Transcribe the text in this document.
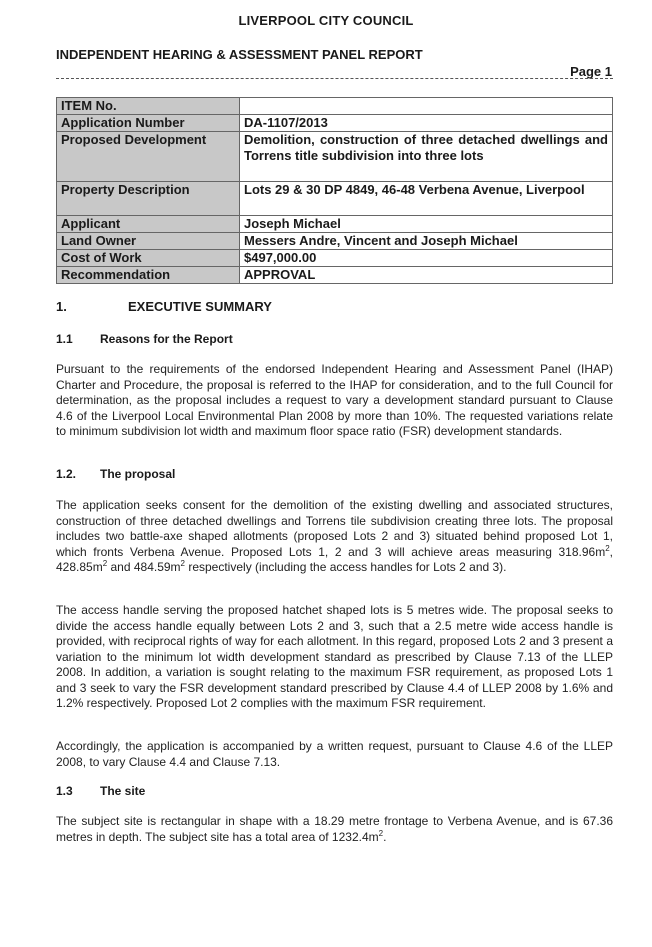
LIVERPOOL CITY COUNCIL
INDEPENDENT HEARING & ASSESSMENT PANEL REPORT
Page 1
ITEM No.	
Application Number	DA-1107/2013
Proposed Development	Demolition, construction of three detached dwellings and Torrens title subdivision into three lots
Property Description	Lots 29 & 30 DP 4849, 46-48 Verbena Avenue, Liverpool
Applicant	Joseph Michael
Land Owner	Messers Andre, Vincent and Joseph Michael
Cost of Work	$497,000.00
Recommendation	APPROVAL
1.	EXECUTIVE SUMMARY
1.1 Reasons for the Report
Pursuant to the requirements of the endorsed Independent Hearing and Assessment Panel (IHAP) Charter and Procedure, the proposal is referred to the IHAP for consideration, and to the full Council for determination, as the proposal includes a request to vary a development standard pursuant to Clause 4.6 of the Liverpool Local Environmental Plan 2008 by more than 10%. The requested variations relate to minimum subdivision lot width and maximum floor space ratio (FSR) development standards.
1.2. The proposal
The application seeks consent for the demolition of the existing dwelling and associated structures, construction of three detached dwellings and Torrens tile subdivision creating three lots. The proposal includes two battle-axe shaped allotments (proposed Lots 2 and 3) situated behind proposed Lot 1, which fronts Verbena Avenue. Proposed Lots 1, 2 and 3 will achieve areas measuring $318.96m^2$, $428.85m^2$ and $484.59m^2$ respectively (including the access handles for Lots 2 and 3).
The access handle serving the proposed hatchet shaped lots is 5 metres wide. The proposal seeks to divide the access handle equally between Lots 2 and 3, such that a 2.5 metre wide access handle is provided, with reciprocal rights of way for each allotment. In this regard, proposed Lots 2 and 3 present a variation to the minimum lot width development standard as prescribed by Clause 7.13 of the LLEP 2008. In addition, a variation is sought relating to the maximum FSR requirement, as proposed Lots 1 and 3 seek to vary the FSR development standard prescribed by Clause 4.4 of LLEP 2008 by 1.6% and 1.2% respectively. Proposed Lot 2 complies with the maximum FSR requirement.
Accordingly, the application is accompanied by a written request, pursuant to Clause 4.6 of the LLEP 2008, to vary Clause 4.4 and Clause 7.13.
1.3 The site
The subject site is rectangular in shape with a 18.29 metre frontage to Verbena Avenue, and is 67.36 metres in depth. The subject site has a total area of $1232.4m^2$.
